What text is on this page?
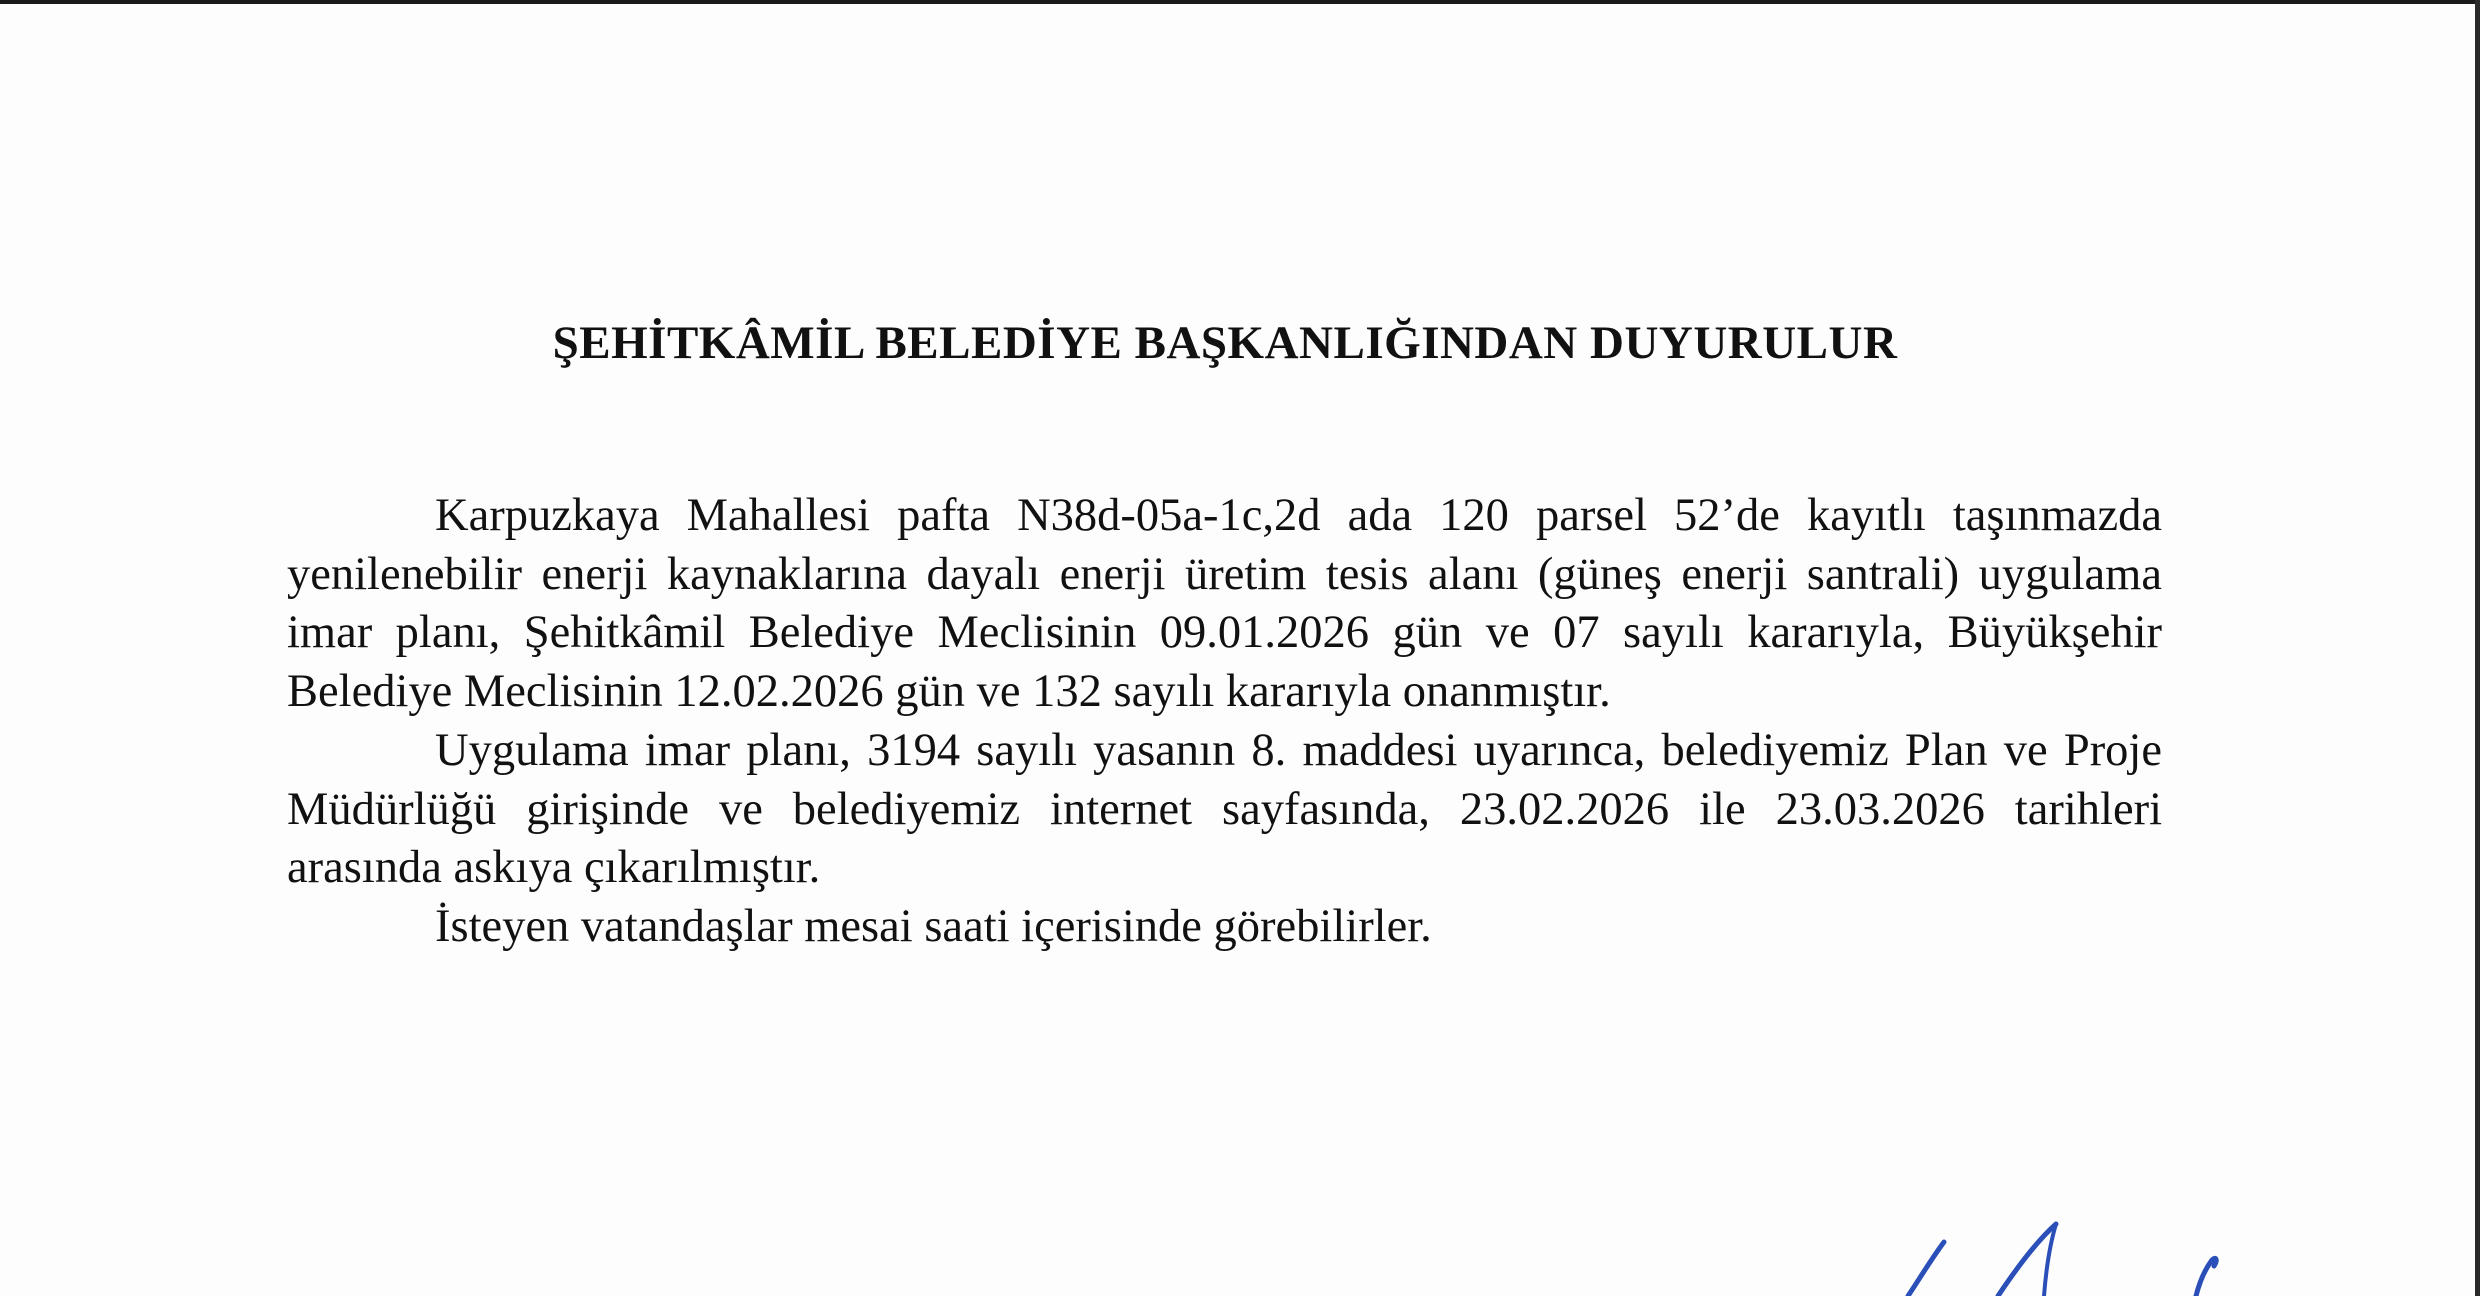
ŞEHİTKÂMİL BELEDİYE BAŞKANLIĞINDAN DUYURULUR

Karpuzkaya Mahallesi pafta N38d-05a-1c,2d ada 120 parsel 52’de kayıtlı taşınmazda yenilenebilir enerji kaynaklarına dayalı enerji üretim tesis alanı (güneş enerji santrali) uygulama imar planı, Şehitkâmil Belediye Meclisinin 09.01.2026 gün ve 07 sayılı kararıyla, Büyükşehir Belediye Meclisinin 12.02.2026 gün ve 132 sayılı kararıyla onanmıştır.

Uygulama imar planı, 3194 sayılı yasanın 8. maddesi uyarınca, belediyemiz Plan ve Proje Müdürlüğü girişinde ve belediyemiz internet sayfasında, 23.02.2026 ile 23.03.2026 tarihleri arasında askıya çıkarılmıştır.

İsteyen vatandaşlar mesai saati içerisinde görebilirler.
